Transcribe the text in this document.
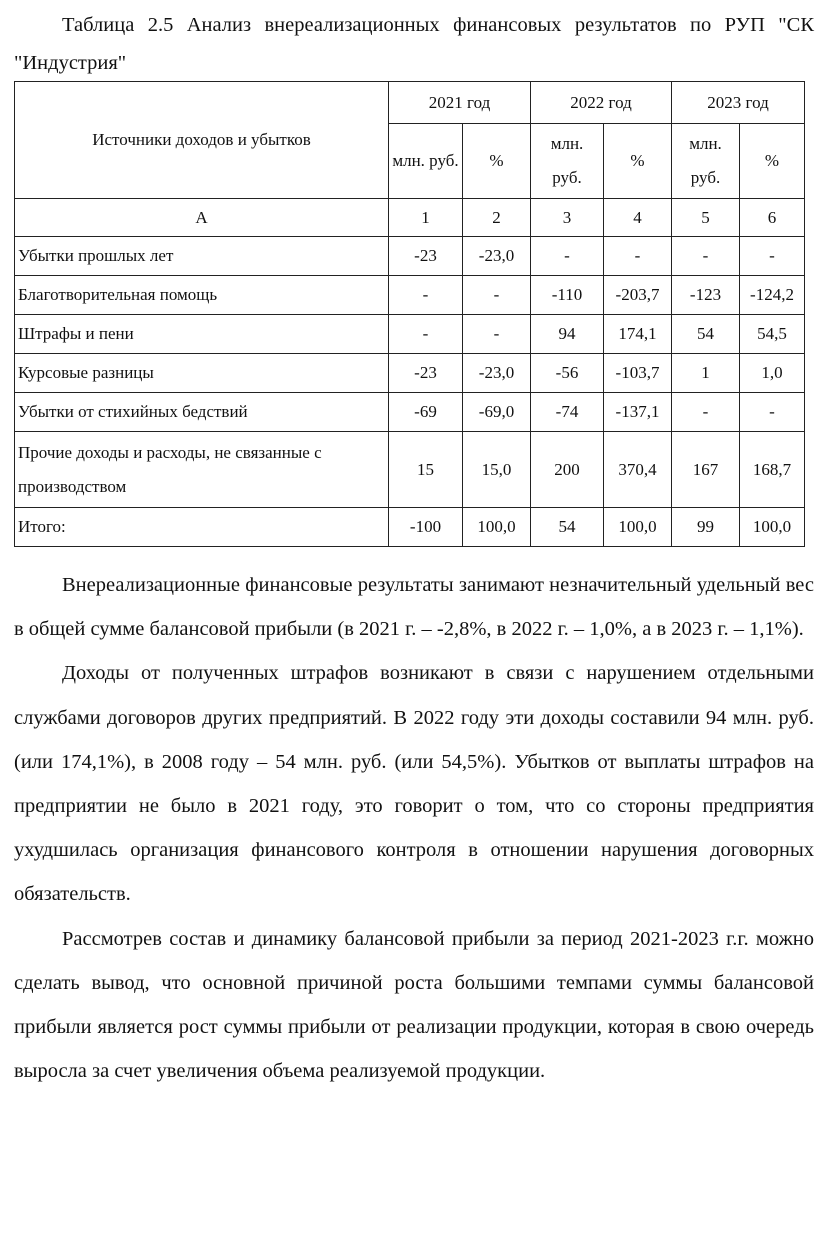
Таблица 2.5 Анализ внереализационных финансовых результатов по РУП "СК "Индустрия"
Источники доходов и убытков	2021 год		2022 год		2023 год	
	млн. руб.	%	млн. руб.	%	млн. руб.	%
А	1	2	3	4	5	6
Убытки прошлых лет	-23	-23,0	-	-	-	-
Благотворительная помощь	-	-	-110	-203,7	-123	-124,2
Штрафы и пени	-	-	94	174,1	54	54,5
Курсовые разницы	-23	-23,0	-56	-103,7	1	1,0
Убытки от стихийных бедствий	-69	-69,0	-74	-137,1	-	-
Прочие доходы и расходы, не связанные с производством	15	15,0	200	370,4	167	168,7
Итого:	-100	100,0	54	100,0	99	100,0

Внереализационные финансовые результаты занимают незначительный удельный вес в общей сумме балансовой прибыли (в 2021 г. – -2,8%, в 2022 г. – 1,0%, а в 2023 г. – 1,1%).

Доходы от полученных штрафов возникают в связи с нарушением отдельными службами договоров других предприятий. В 2022 году эти доходы составили 94 млн. руб. (или 174,1%), в 2008 году – 54 млн. руб. (или 54,5%). Убытков от выплаты штрафов на предприятии не было в 2021 году, это говорит о том, что со стороны предприятия ухудшилась организация финансового контроля в отношении нарушения договорных обязательств.

Рассмотрев состав и динамику балансовой прибыли за период 2021-2023 г.г. можно сделать вывод, что основной причиной роста большими темпами суммы балансовой прибыли является рост суммы прибыли от реализации продукции, которая в свою очередь выросла за счет увеличения объема реализуемой продукции.
